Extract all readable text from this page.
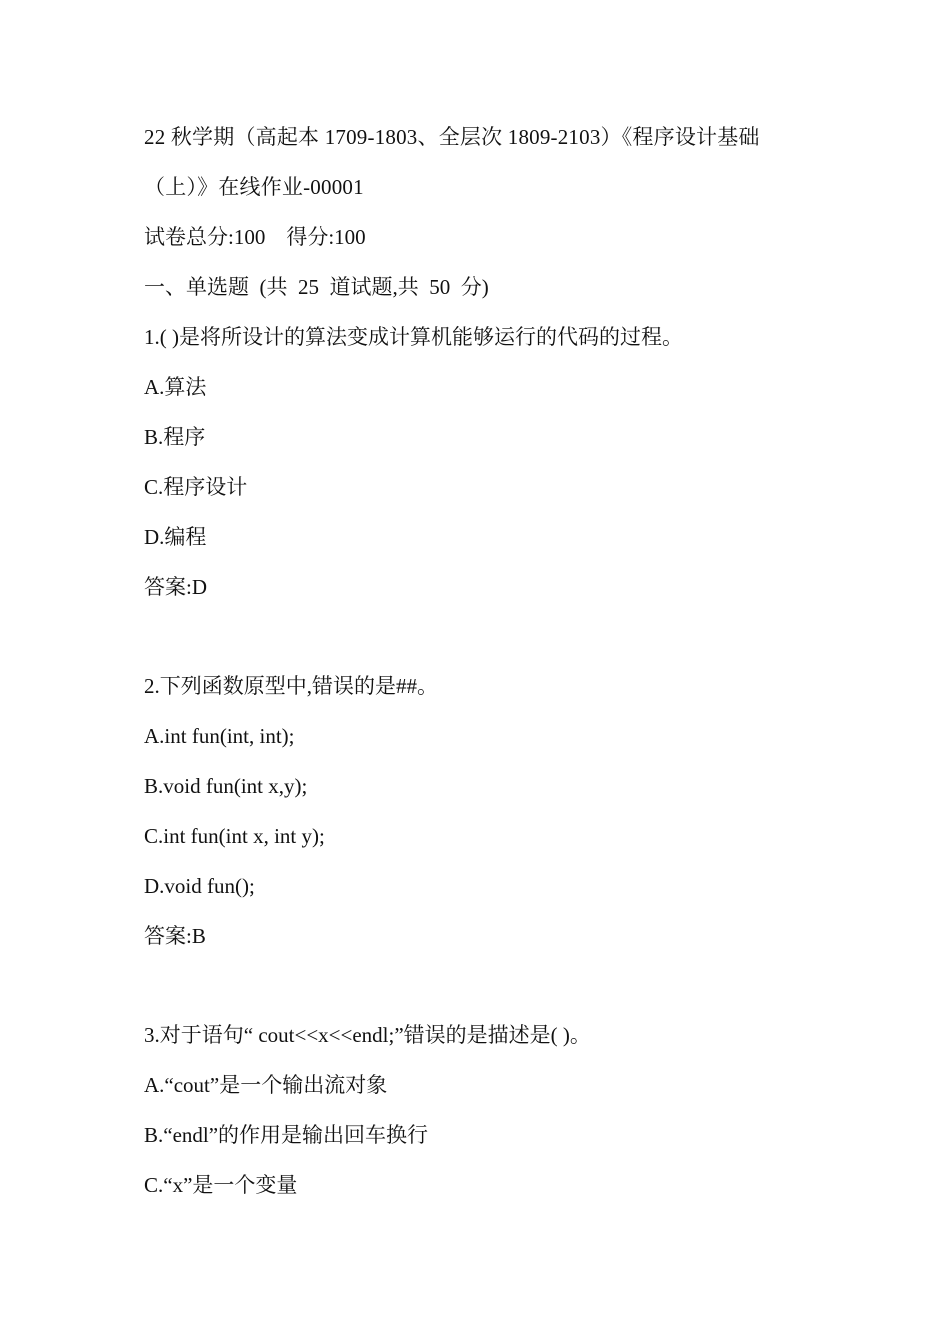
22 秋学期（高起本 1709-1803、全层次 1809-2103）《程序设计基础
（上）》在线作业-00001
试卷总分:100    得分:100
一、单选题  (共  25  道试题,共  50  分)
1.( )是将所设计的算法变成计算机能够运行的代码的过程。
A.算法
B.程序
C.程序设计
D.编程
答案:D
2.下列函数原型中,错误的是##。
A.int fun(int, int);
B.void fun(int x,y);
C.int fun(int x, int y);
D.void fun();
答案:B
3.对于语句“ cout<<x<<endl;”错误的是描述是( )。
A.“cout”是一个输出流对象
B.“endl”的作用是输出回车换行
C.“x”是一个变量
